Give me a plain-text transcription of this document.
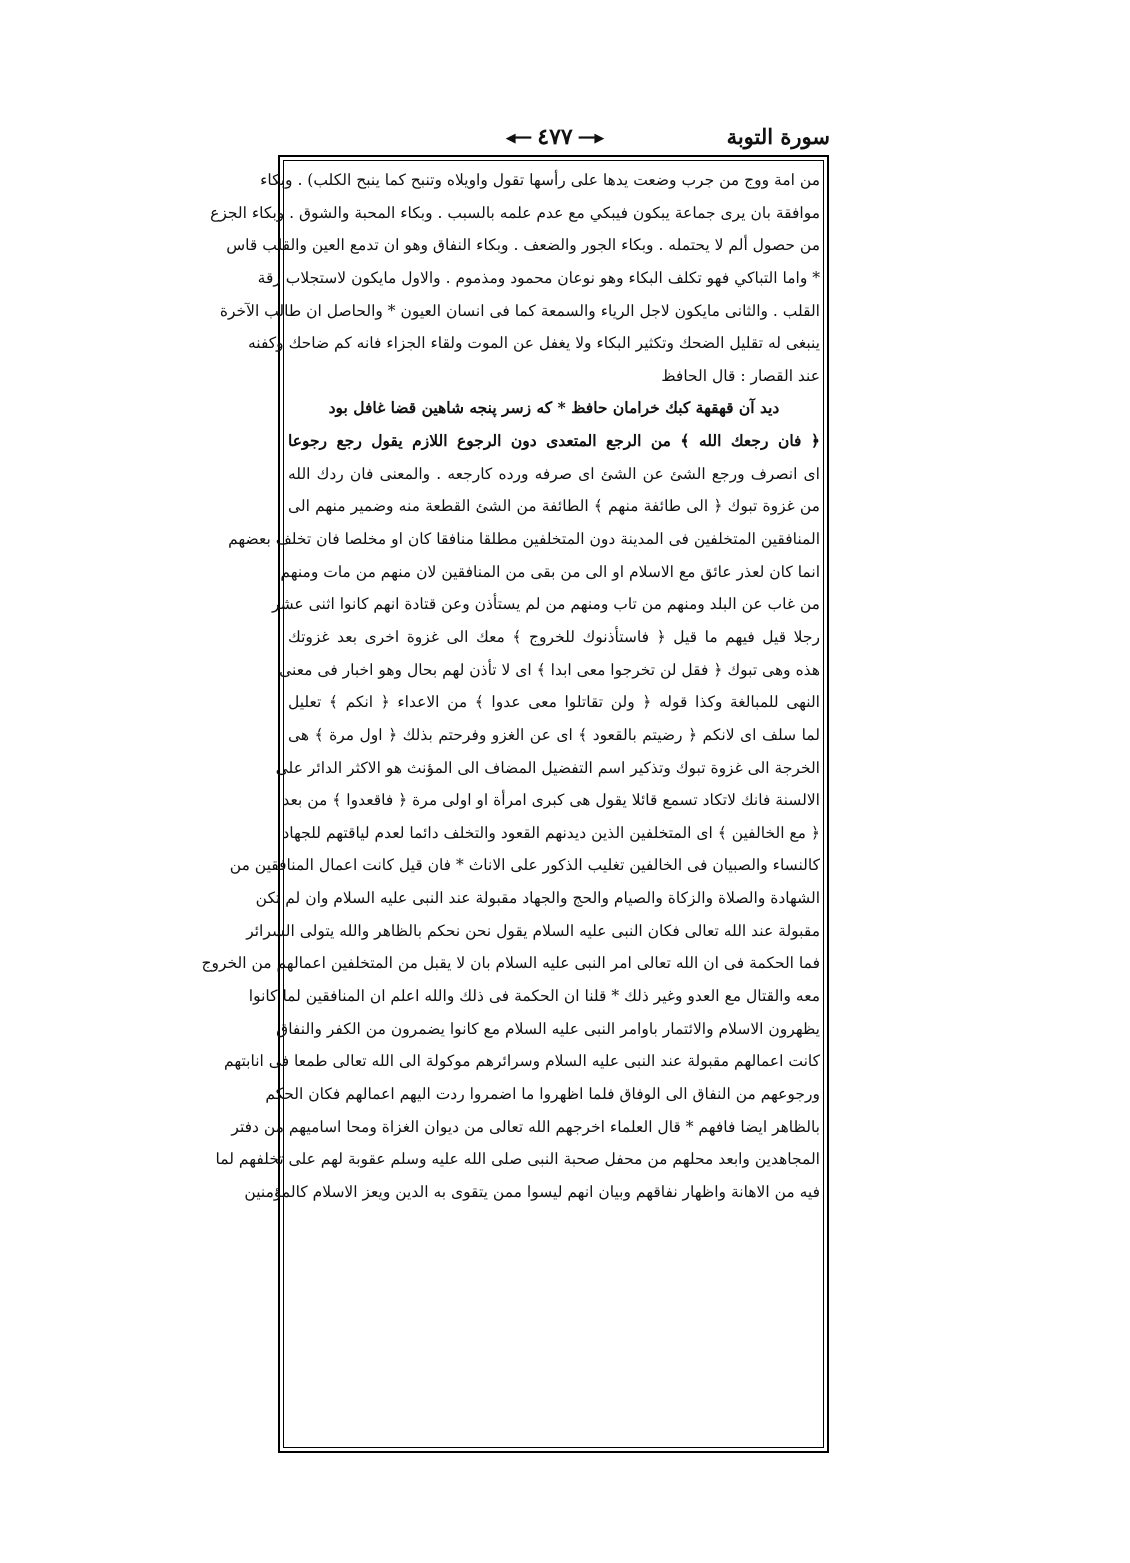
سورة التوبة
◀━━ ٤٧٧ ━━▶
من امة ووج من جرب وضعت يدها على رأسها تقول واويلاه وتنبح كما ينبح الكلب) . وبكاء
موافقة بان يرى جماعة يبكون فيبكي مع عدم علمه بالسبب . وبكاء المحبة والشوق . وبكاء الجزع
من حصول ألم لا يحتمله . وبكاء الجور والضعف . وبكاء النفاق وهو ان تدمع العين والقلب قاس
* واما التباكي فهو تكلف البكاء وهو نوعان محمود ومذموم . والاول مايكون لاستجلاب رقة
القلب . والثانى مايكون لاجل الرياء والسمعة كما فى انسان العيون * والحاصل ان طالب الآخرة
ينبغى له تقليل الضحك وتكثير البكاء ولا يغفل عن الموت ولقاء الجزاء فانه كم ضاحك وكفنه
عند القصار : قال الحافظ
ديد آن قهقهة كبك خرامان حافظ * كه زسر پنجه شاهين قضا غافل بود
﴿ فان رجعك الله ﴾ من الرجع المتعدى دون الرجوع اللازم يقول رجع رجوعا
اى انصرف ورجع الشئ عن الشئ اى صرفه ورده كارجعه . والمعنى فان ردك الله
من غزوة تبوك ﴿ الى طائفة منهم ﴾ الطائفة من الشئ القطعة منه وضمير منهم الى
المنافقين المتخلفين فى المدينة دون المتخلفين مطلقا منافقا كان او مخلصا فان تخلف بعضهم
انما كان لعذر عائق مع الاسلام او الى من بقى من المنافقين لان منهم من مات ومنهم
من غاب عن البلد ومنهم من تاب ومنهم من لم يستأذن وعن قتادة انهم كانوا اثنى عشر
رجلا قيل فيهم ما قيل ﴿ فاستأذنوك للخروج ﴾ معك الى غزوة اخرى بعد غزوتك
هذه وهى تبوك ﴿ فقل لن تخرجوا معى ابدا ﴾ اى لا تأذن لهم بحال وهو اخبار فى معنى
النهى للمبالغة وكذا قوله ﴿ ولن تقاتلوا معى عدوا ﴾ من الاعداء ﴿ انكم ﴾ تعليل
لما سلف اى لانكم ﴿ رضيتم بالقعود ﴾ اى عن الغزو وفرحتم بذلك ﴿ اول مرة ﴾ هى
الخرجة الى غزوة تبوك وتذكير اسم التفضيل المضاف الى المؤنث هو الاكثر الدائر على
الالسنة فانك لاتكاد تسمع قائلا يقول هى كبرى امرأة او اولى مرة ﴿ فاقعدوا ﴾ من بعد
﴿ مع الخالفين ﴾ اى المتخلفين الذين ديدنهم القعود والتخلف دائما لعدم لياقتهم للجهاد
كالنساء والصبيان فى الخالفين تغليب الذكور على الاناث * فان قيل كانت اعمال المنافقين من
الشهادة والصلاة والزكاة والصيام والحج والجهاد مقبولة عند النبى عليه السلام وان لم تكن
مقبولة عند الله تعالى فكان النبى عليه السلام يقول نحن نحكم بالظاهر والله يتولى السرائر
فما الحكمة فى ان الله تعالى امر النبى عليه السلام بان لا يقبل من المتخلفين اعمالهم من الخروج
معه والقتال مع العدو وغير ذلك * قلنا ان الحكمة فى ذلك والله اعلم ان المنافقين لما كانوا
يظهرون الاسلام والائتمار باوامر النبى عليه السلام مع كانوا يضمرون من الكفر والنفاق
كانت اعمالهم مقبولة عند النبى عليه السلام وسرائرهم موكولة الى الله تعالى طمعا فى انابتهم
ورجوعهم من النفاق الى الوفاق فلما اظهروا ما اضمروا ردت اليهم اعمالهم فكان الحكم
بالظاهر ايضا فافهم * قال العلماء اخرجهم الله تعالى من ديوان الغزاة ومحا اساميهم من دفتر
المجاهدين وابعد محلهم من محفل صحبة النبى صلى الله عليه وسلم عقوبة لهم على تخلفهم لما
فيه من الاهانة واظهار نفاقهم وبيان انهم ليسوا ممن يتقوى به الدين ويعز الاسلام كالمؤمنين
